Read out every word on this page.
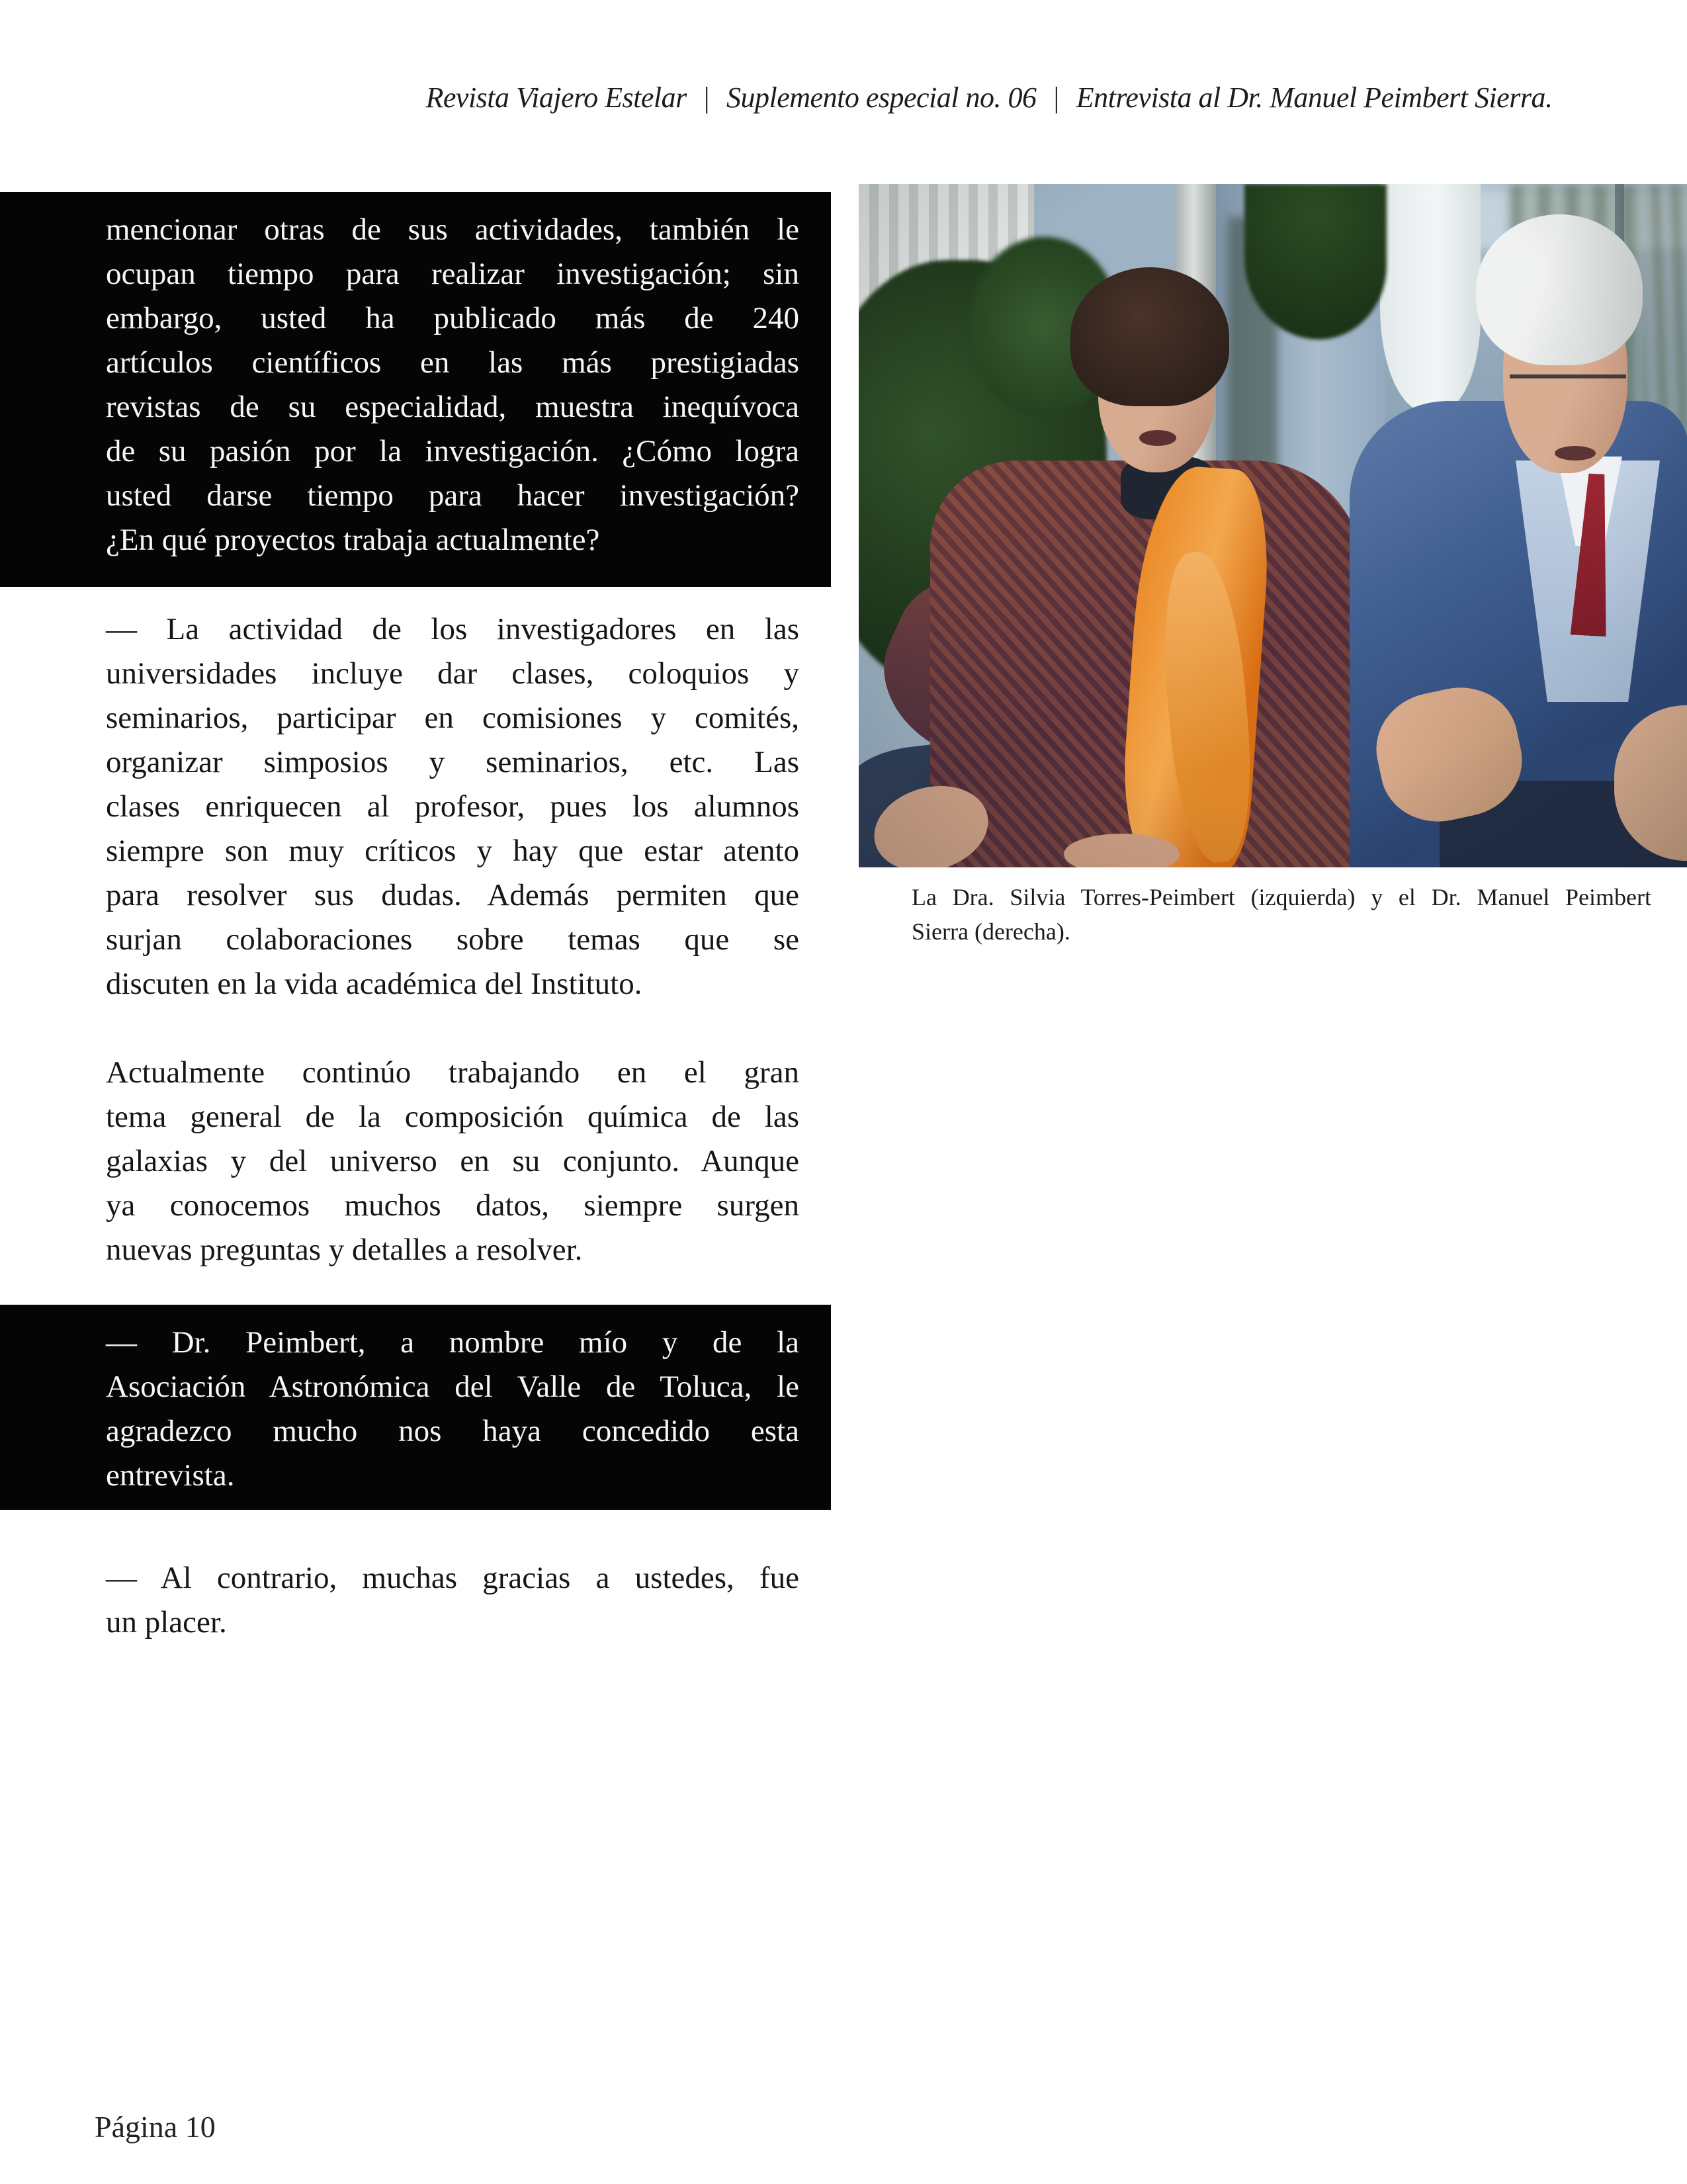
Revista Viajero Estelar | Suplemento especial no. 06 | Entrevista al Dr. Manuel Peimbert Sierra.
mencionar otras de sus actividades, también le
ocupan tiempo para realizar investigación; sin
embargo, usted ha publicado más de 240
artículos científicos en las más prestigiadas
revistas de su especialidad, muestra inequívoca
de su pasión por la investigación. ¿Cómo logra
usted darse tiempo para hacer investigación?
¿En qué proyectos trabaja actualmente?
— La actividad de los investigadores en las
universidades incluye dar clases, coloquios y
seminarios, participar en comisiones y comités,
organizar simposios y seminarios, etc. Las
clases enriquecen al profesor, pues los alumnos
siempre son muy críticos y hay que estar atento
para resolver sus dudas. Además permiten que
surjan colaboraciones sobre temas que se
discuten en la vida académica del Instituto.
Actualmente continúo trabajando en el gran
tema general de la composición química de las
galaxias y del universo en su conjunto. Aunque
ya conocemos muchos datos, siempre surgen
nuevas preguntas y detalles a resolver.
— Dr. Peimbert, a nombre mío y de la
Asociación Astronómica del Valle de Toluca, le
agradezco mucho nos haya concedido esta
entrevista.
— Al contrario, muchas gracias a ustedes, fue
un placer.
La Dra. Silvia Torres-Peimbert (izquierda) y el Dr. Manuel Peimbert
Sierra (derecha).
Página 10
